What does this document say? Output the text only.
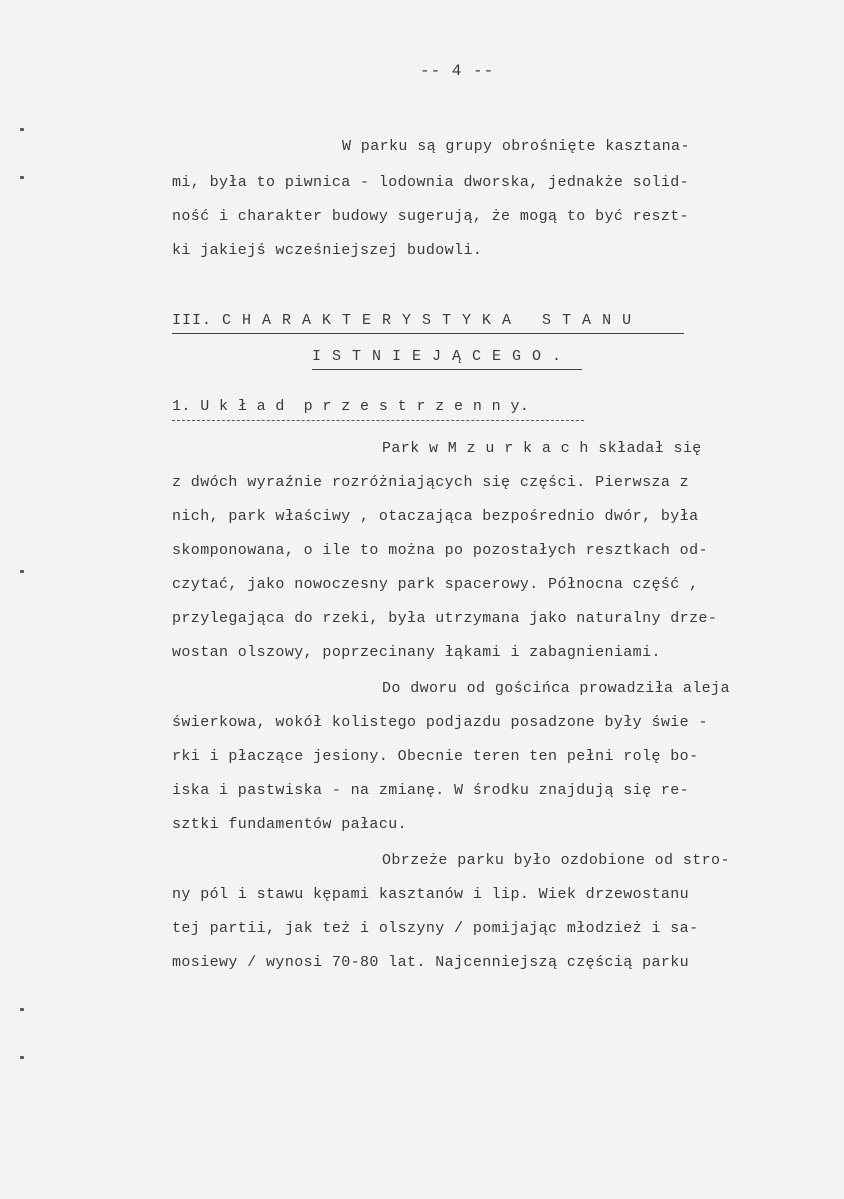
-- 4 --
W parku są grupy obrośnięte kasztana-
mi, była to piwnica - lodownia dworska, jednakże solid-
ność i charakter budowy sugerują, że mogą to być reszt-
ki jakiejś wcześniejszej budowli.
III. C H A R A K T E R Y S T Y K A   S T A N U
I S T N I E J Ą C E G O .
1. U k ł a d  p r z e s t r z e n n y.
Park w M z u r k a c h składał się
z dwóch wyraźnie rozróżniających się części. Pierwsza z
nich, park właściwy , otaczająca bezpośrednio dwór, była
skomponowana, o ile to można po pozostałych resztkach od-
czytać, jako nowoczesny park spacerowy. Północna część ,
przylegająca do rzeki, była utrzymana jako naturalny drze-
wostan olszowy, poprzecinany łąkami i zabagnieniami.
Do dworu od gościńca prowadziła aleja
świerkowa, wokół kolistego podjazdu posadzone były świe -
rki i płaczące jesiony. Obecnie teren ten pełni rolę bo-
iska i pastwiska - na zmianę. W środku znajdują się re-
sztki fundamentów pałacu.
Obrzeże parku było ozdobione od stro-
ny pól i stawu kępami kasztanów i lip. Wiek drzewostanu
tej partii, jak też i olszyny / pomijając młodzież i sa-
mosiewy / wynosi 70-80 lat. Najcenniejszą częścią parku
